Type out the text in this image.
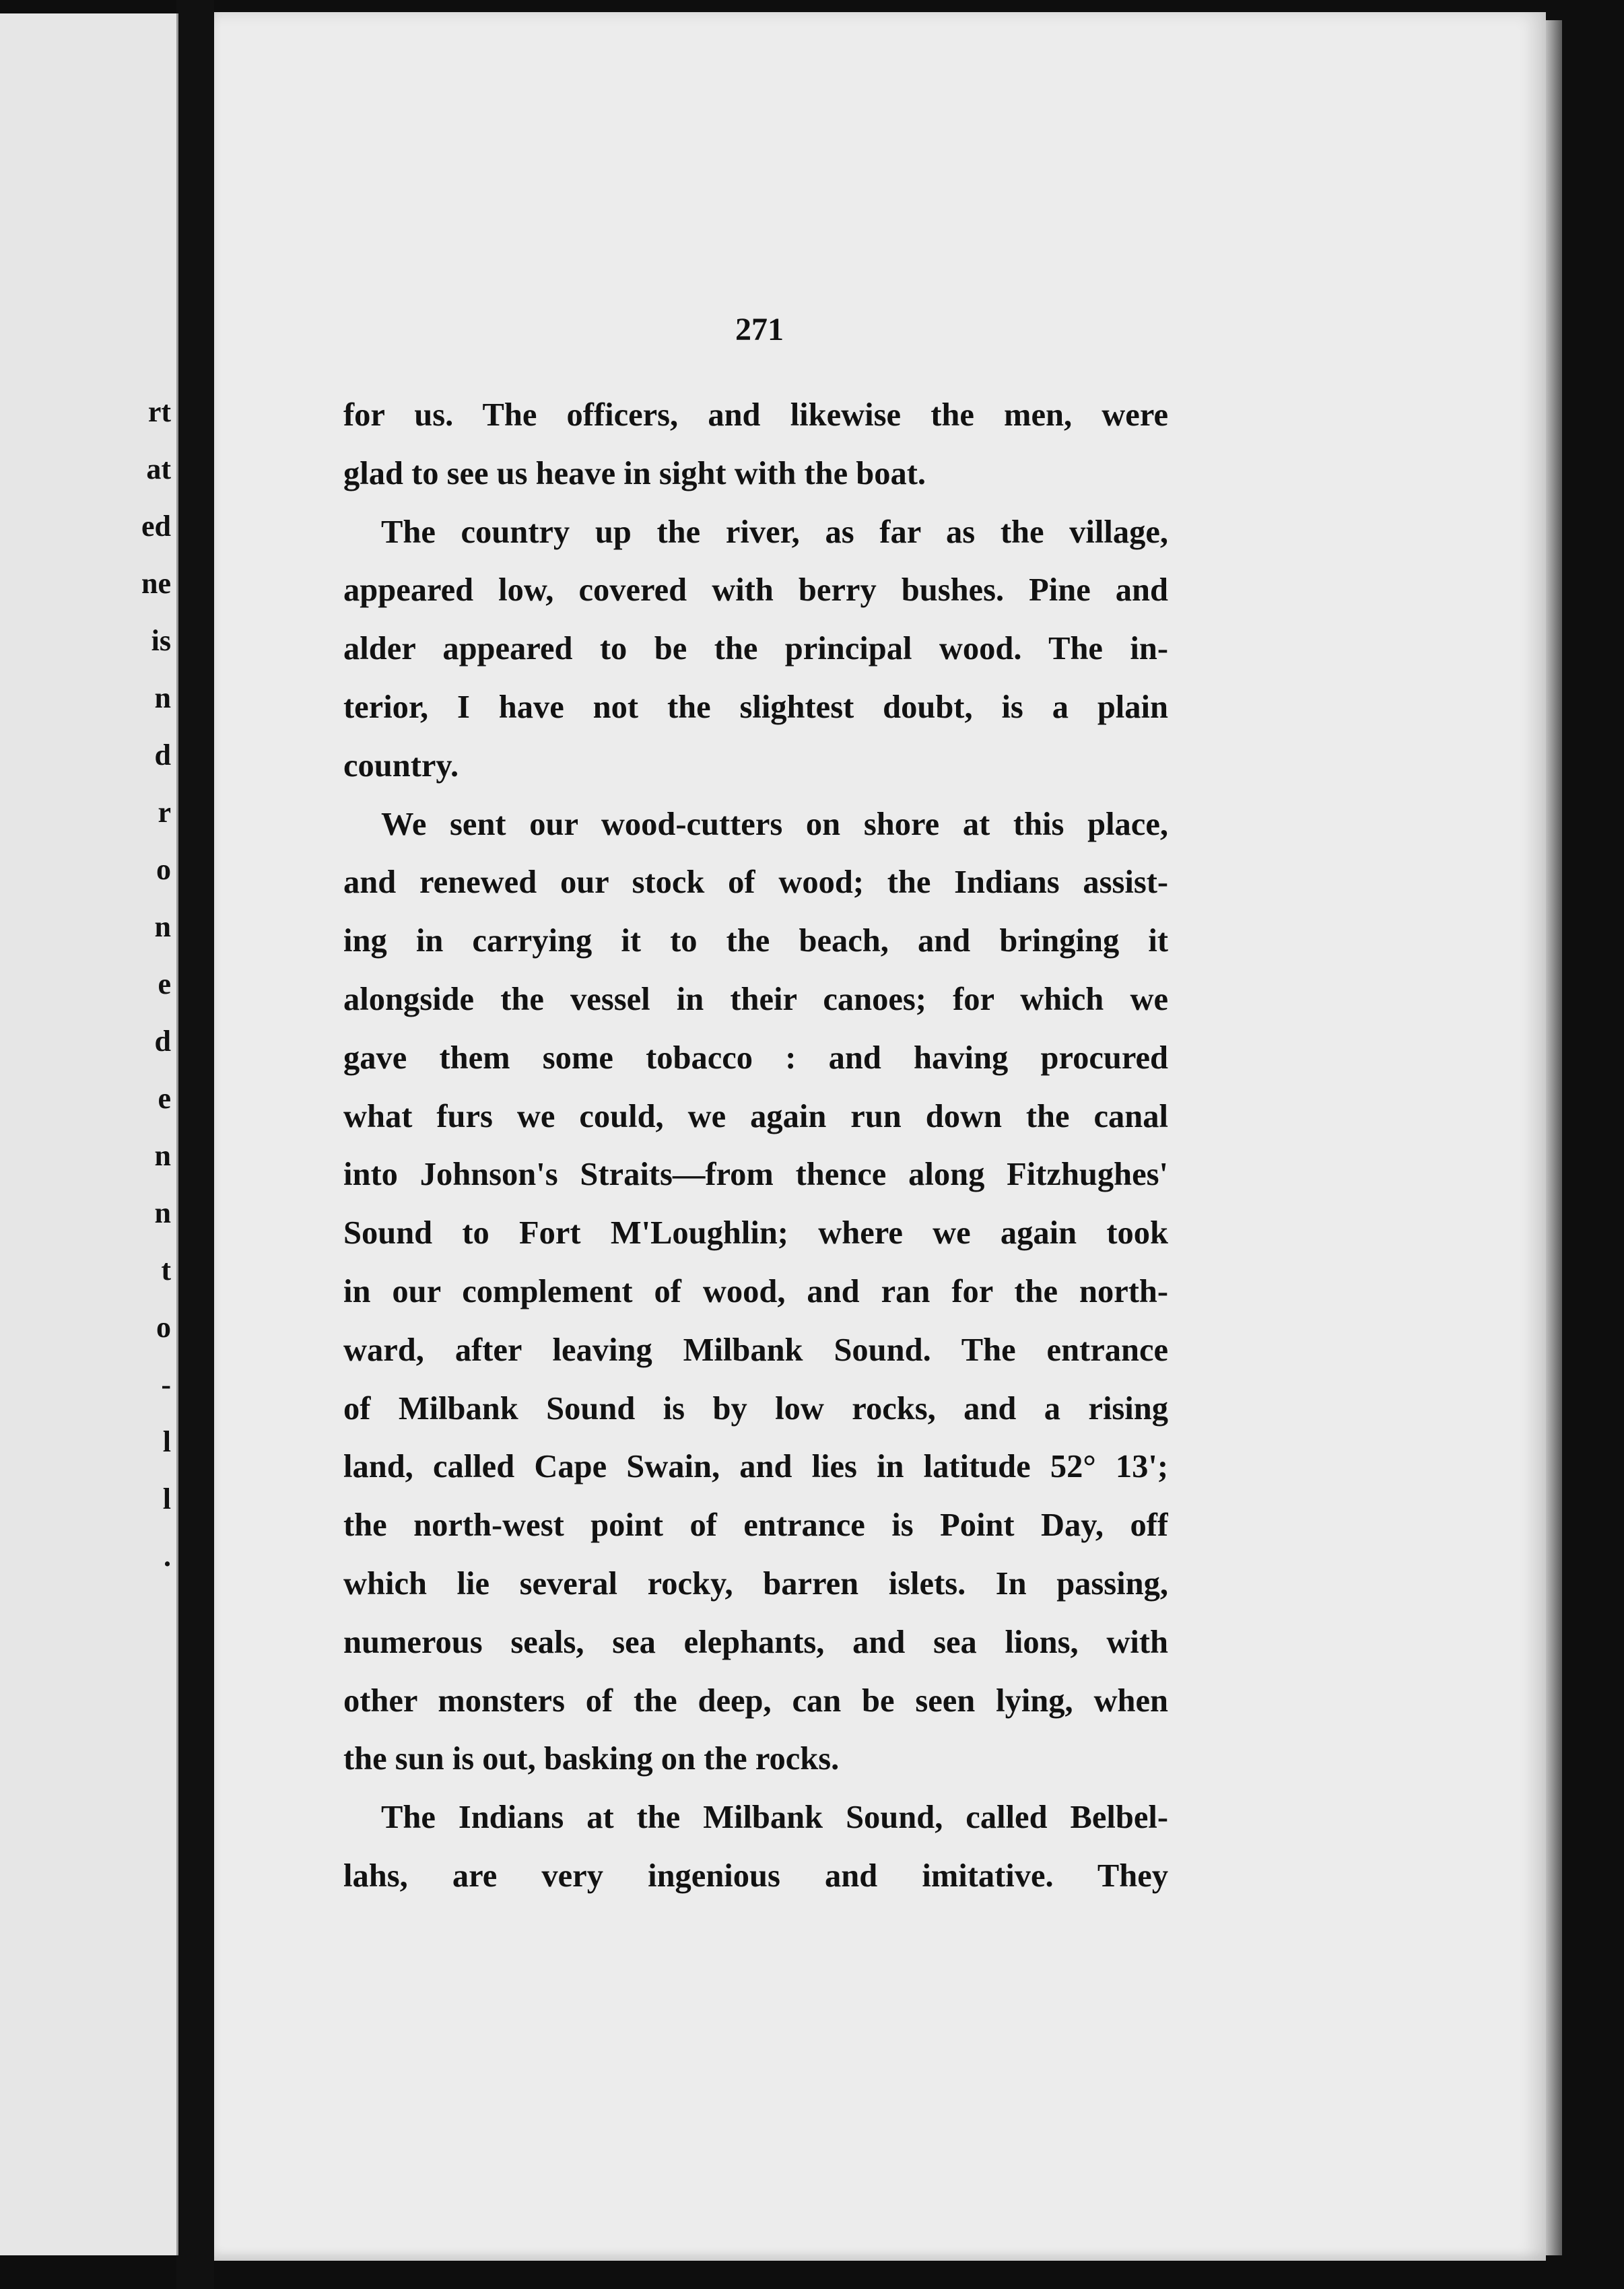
rt

at

ed

ne

is

n

d

r

o

n

e

d

e

n

n

t

o

-

l

l

.

271

for us. The officers, and likewise the men, were
glad to see us heave in sight with the boat.
The country up the river, as far as the village,
appeared low, covered with berry bushes. Pine and
alder appeared to be the principal wood. The in-
terior, I have not the slightest doubt, is a plain
country.
We sent our wood-cutters on shore at this place,
and renewed our stock of wood; the Indians assist-
ing in carrying it to the beach, and bringing it
alongside the vessel in their canoes; for which we
gave them some tobacco : and having procured
what furs we could, we again run down the canal
into Johnson's Straits—from thence along Fitzhughes'
Sound to Fort M'Loughlin; where we again took
in our complement of wood, and ran for the north-
ward, after leaving Milbank Sound. The entrance
of Milbank Sound is by low rocks, and a rising
land, called Cape Swain, and lies in latitude 52° 13';
the north-west point of entrance is Point Day, off
which lie several rocky, barren islets. In passing,
numerous seals, sea elephants, and sea lions, with
other monsters of the deep, can be seen lying, when
the sun is out, basking on the rocks.
The Indians at the Milbank Sound, called Belbel-
lahs, are very ingenious and imitative. They
